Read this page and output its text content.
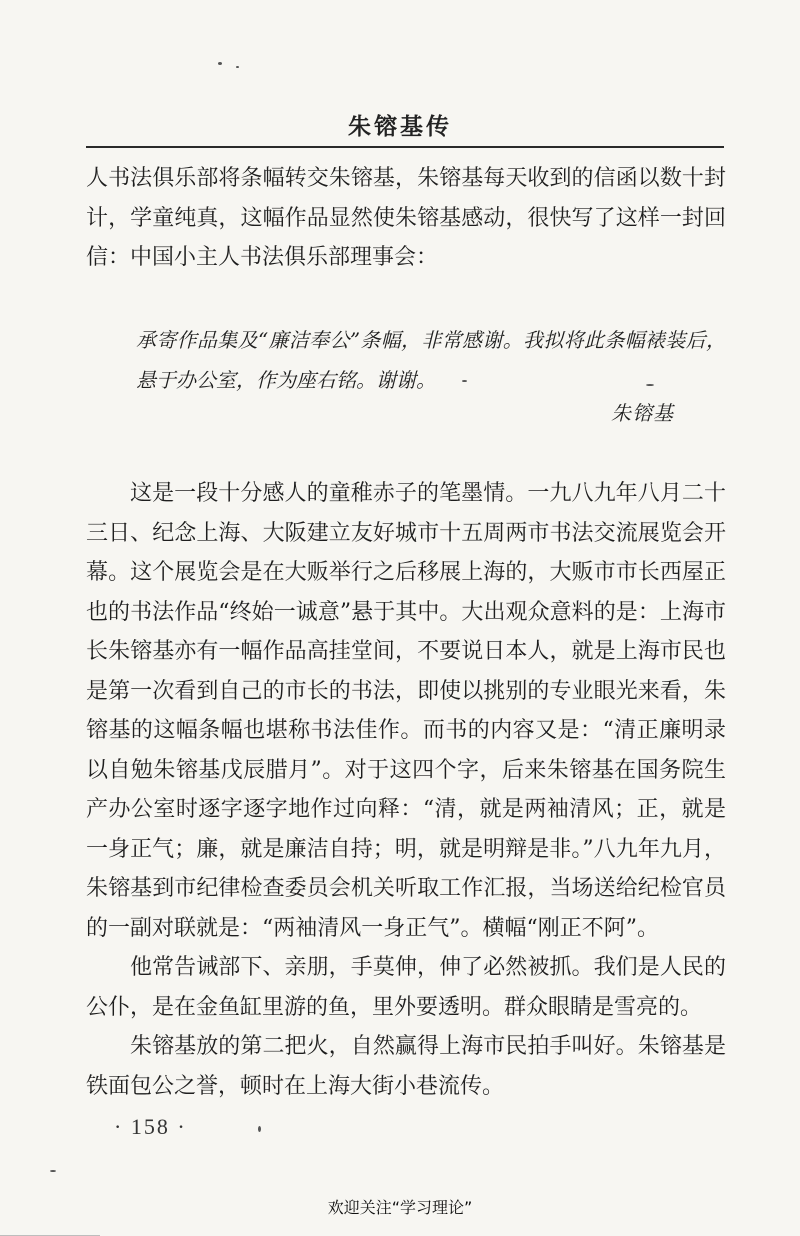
朱镕基传

人书法俱乐部将条幅转交朱镕基，朱镕基每天收到的信函以数十封计，学童纯真，这幅作品显然使朱镕基感动，很快写了这样一封回信：中国小主人书法俱乐部理事会：

承寄作品集及“廉洁奉公”条幅，非常感谢。我拟将此条幅裱装后，悬于办公室，作为座右铭。谢谢。

朱镕基

这是一段十分感人的童稚赤子的笔墨情。一九八九年八月二十三日、纪念上海、大阪建立友好城市十五周两市书法交流展览会开幕。这个展览会是在大贩举行之后移展上海的，大贩市市长西屋正也的书法作品“终始一诚意”悬于其中。大出观众意料的是：上海市长朱镕基亦有一幅作品高挂堂间，不要说日本人，就是上海市民也是第一次看到自己的市长的书法，即使以挑别的专业眼光来看，朱镕基的这幅条幅也堪称书法佳作。而书的内容又是：“清正廉明录以自勉朱镕基戊辰腊月”。对于这四个字，后来朱镕基在国务院生产办公室时逐字逐字地作过向释：“清，就是两袖清风；正，就是一身正气；廉，就是廉洁自持；明，就是明辩是非。”八九年九月，朱镕基到市纪律检查委员会机关听取工作汇报，当场送给纪检官员的一副对联就是：“两袖清风一身正气”。横幅“刚正不阿”。

他常告诫部下、亲朋，手莫伸，伸了必然被抓。我们是人民的公仆，是在金鱼缸里游的鱼，里外要透明。群众眼睛是雪亮的。

朱镕基放的第二把火，自然赢得上海市民拍手叫好。朱镕基是铁面包公之誉，顿时在上海大街小巷流传。

· 158 ·
欢迎关注“学习理论”
